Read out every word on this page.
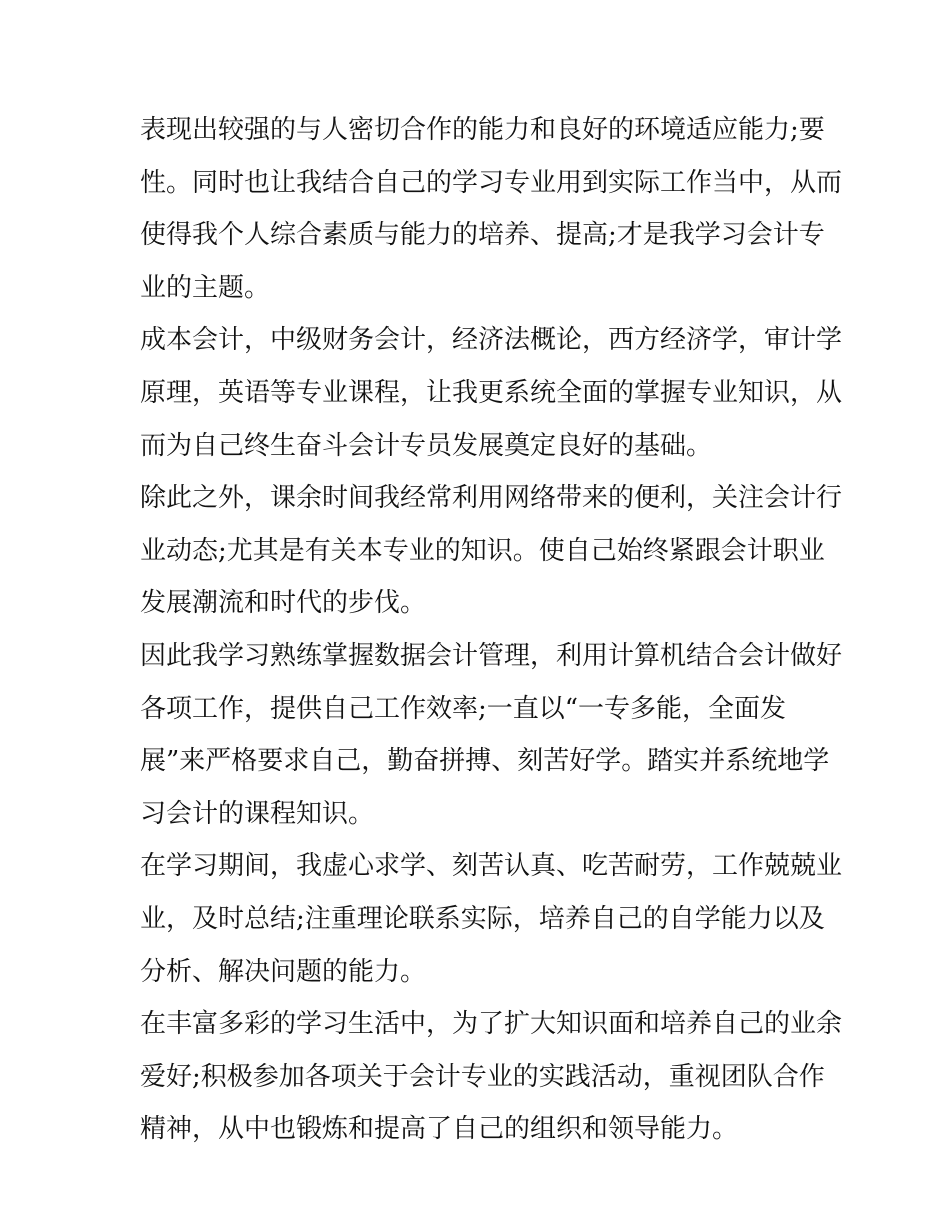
表现出较强的与人密切合作的能力和良好的环境适应能力;要
性。同时也让我结合自己的学习专业用到实际工作当中，从而
使得我个人综合素质与能力的培养、提高;才是我学习会计专
业的主题。
成本会计，中级财务会计，经济法概论，西方经济学，审计学
原理，英语等专业课程，让我更系统全面的掌握专业知识，从
而为自己终生奋斗会计专员发展奠定良好的基础。
除此之外，课余时间我经常利用网络带来的便利，关注会计行
业动态;尤其是有关本专业的知识。使自己始终紧跟会计职业
发展潮流和时代的步伐。
因此我学习熟练掌握数据会计管理，利用计算机结合会计做好
各项工作，提供自己工作效率;一直以“一专多能，全面发
展”来严格要求自己，勤奋拼搏、刻苦好学。踏实并系统地学
习会计的课程知识。
在学习期间，我虚心求学、刻苦认真、吃苦耐劳，工作兢兢业
业，及时总结;注重理论联系实际，培养自己的自学能力以及
分析、解决问题的能力。
在丰富多彩的学习生活中，为了扩大知识面和培养自己的业余
爱好;积极参加各项关于会计专业的实践活动，重视团队合作
精神，从中也锻炼和提高了自己的组织和领导能力。
